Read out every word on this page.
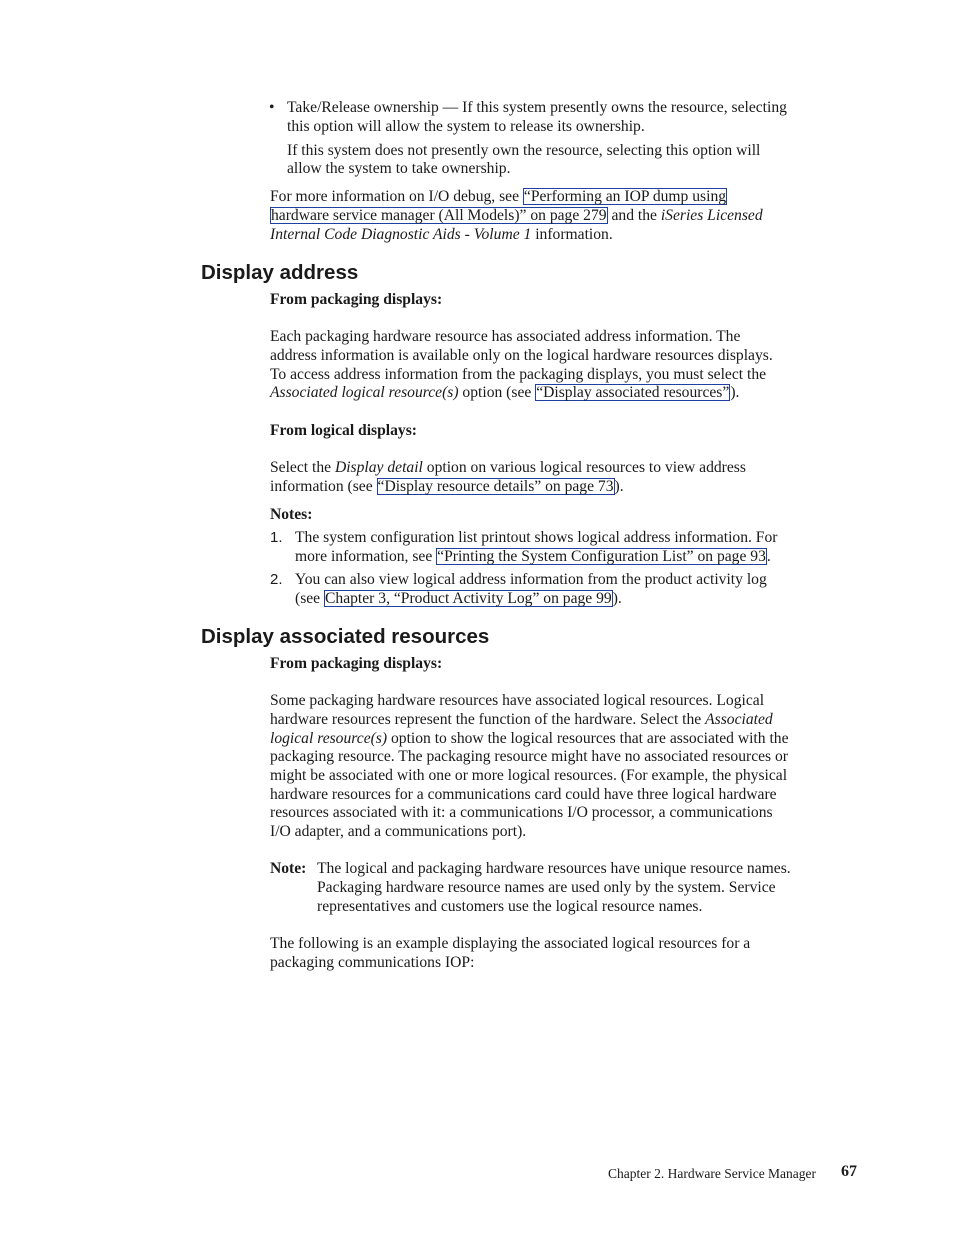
• Take/Release ownership — If this system presently owns the resource, selecting
this option will allow the system to release its ownership.
If this system does not presently own the resource, selecting this option will
allow the system to take ownership.
For more information on I/O debug, see “Performing an IOP dump using
hardware service manager (All Models)” on page 279 and the iSeries Licensed
Internal Code Diagnostic Aids - Volume 1 information.
Display address
From packaging displays:
Each packaging hardware resource has associated address information. The
address information is available only on the logical hardware resources displays.
To access address information from the packaging displays, you must select the
Associated logical resource(s) option (see “Display associated resources”).
From logical displays:
Select the Display detail option on various logical resources to view address
information (see “Display resource details” on page 73).
Notes:
1. The system configuration list printout shows logical address information. For
more information, see “Printing the System Configuration List” on page 93.
2. You can also view logical address information from the product activity log
(see Chapter 3, “Product Activity Log” on page 99).
Display associated resources
From packaging displays:
Some packaging hardware resources have associated logical resources. Logical
hardware resources represent the function of the hardware. Select the Associated
logical resource(s) option to show the logical resources that are associated with the
packaging resource. The packaging resource might have no associated resources or
might be associated with one or more logical resources. (For example, the physical
hardware resources for a communications card could have three logical hardware
resources associated with it: a communications I/O processor, a communications
I/O adapter, and a communications port).
Note: The logical and packaging hardware resources have unique resource names.
Packaging hardware resource names are used only by the system. Service
representatives and customers use the logical resource names.
The following is an example displaying the associated logical resources for a
packaging communications IOP:
Chapter 2. Hardware Service Manager 67
